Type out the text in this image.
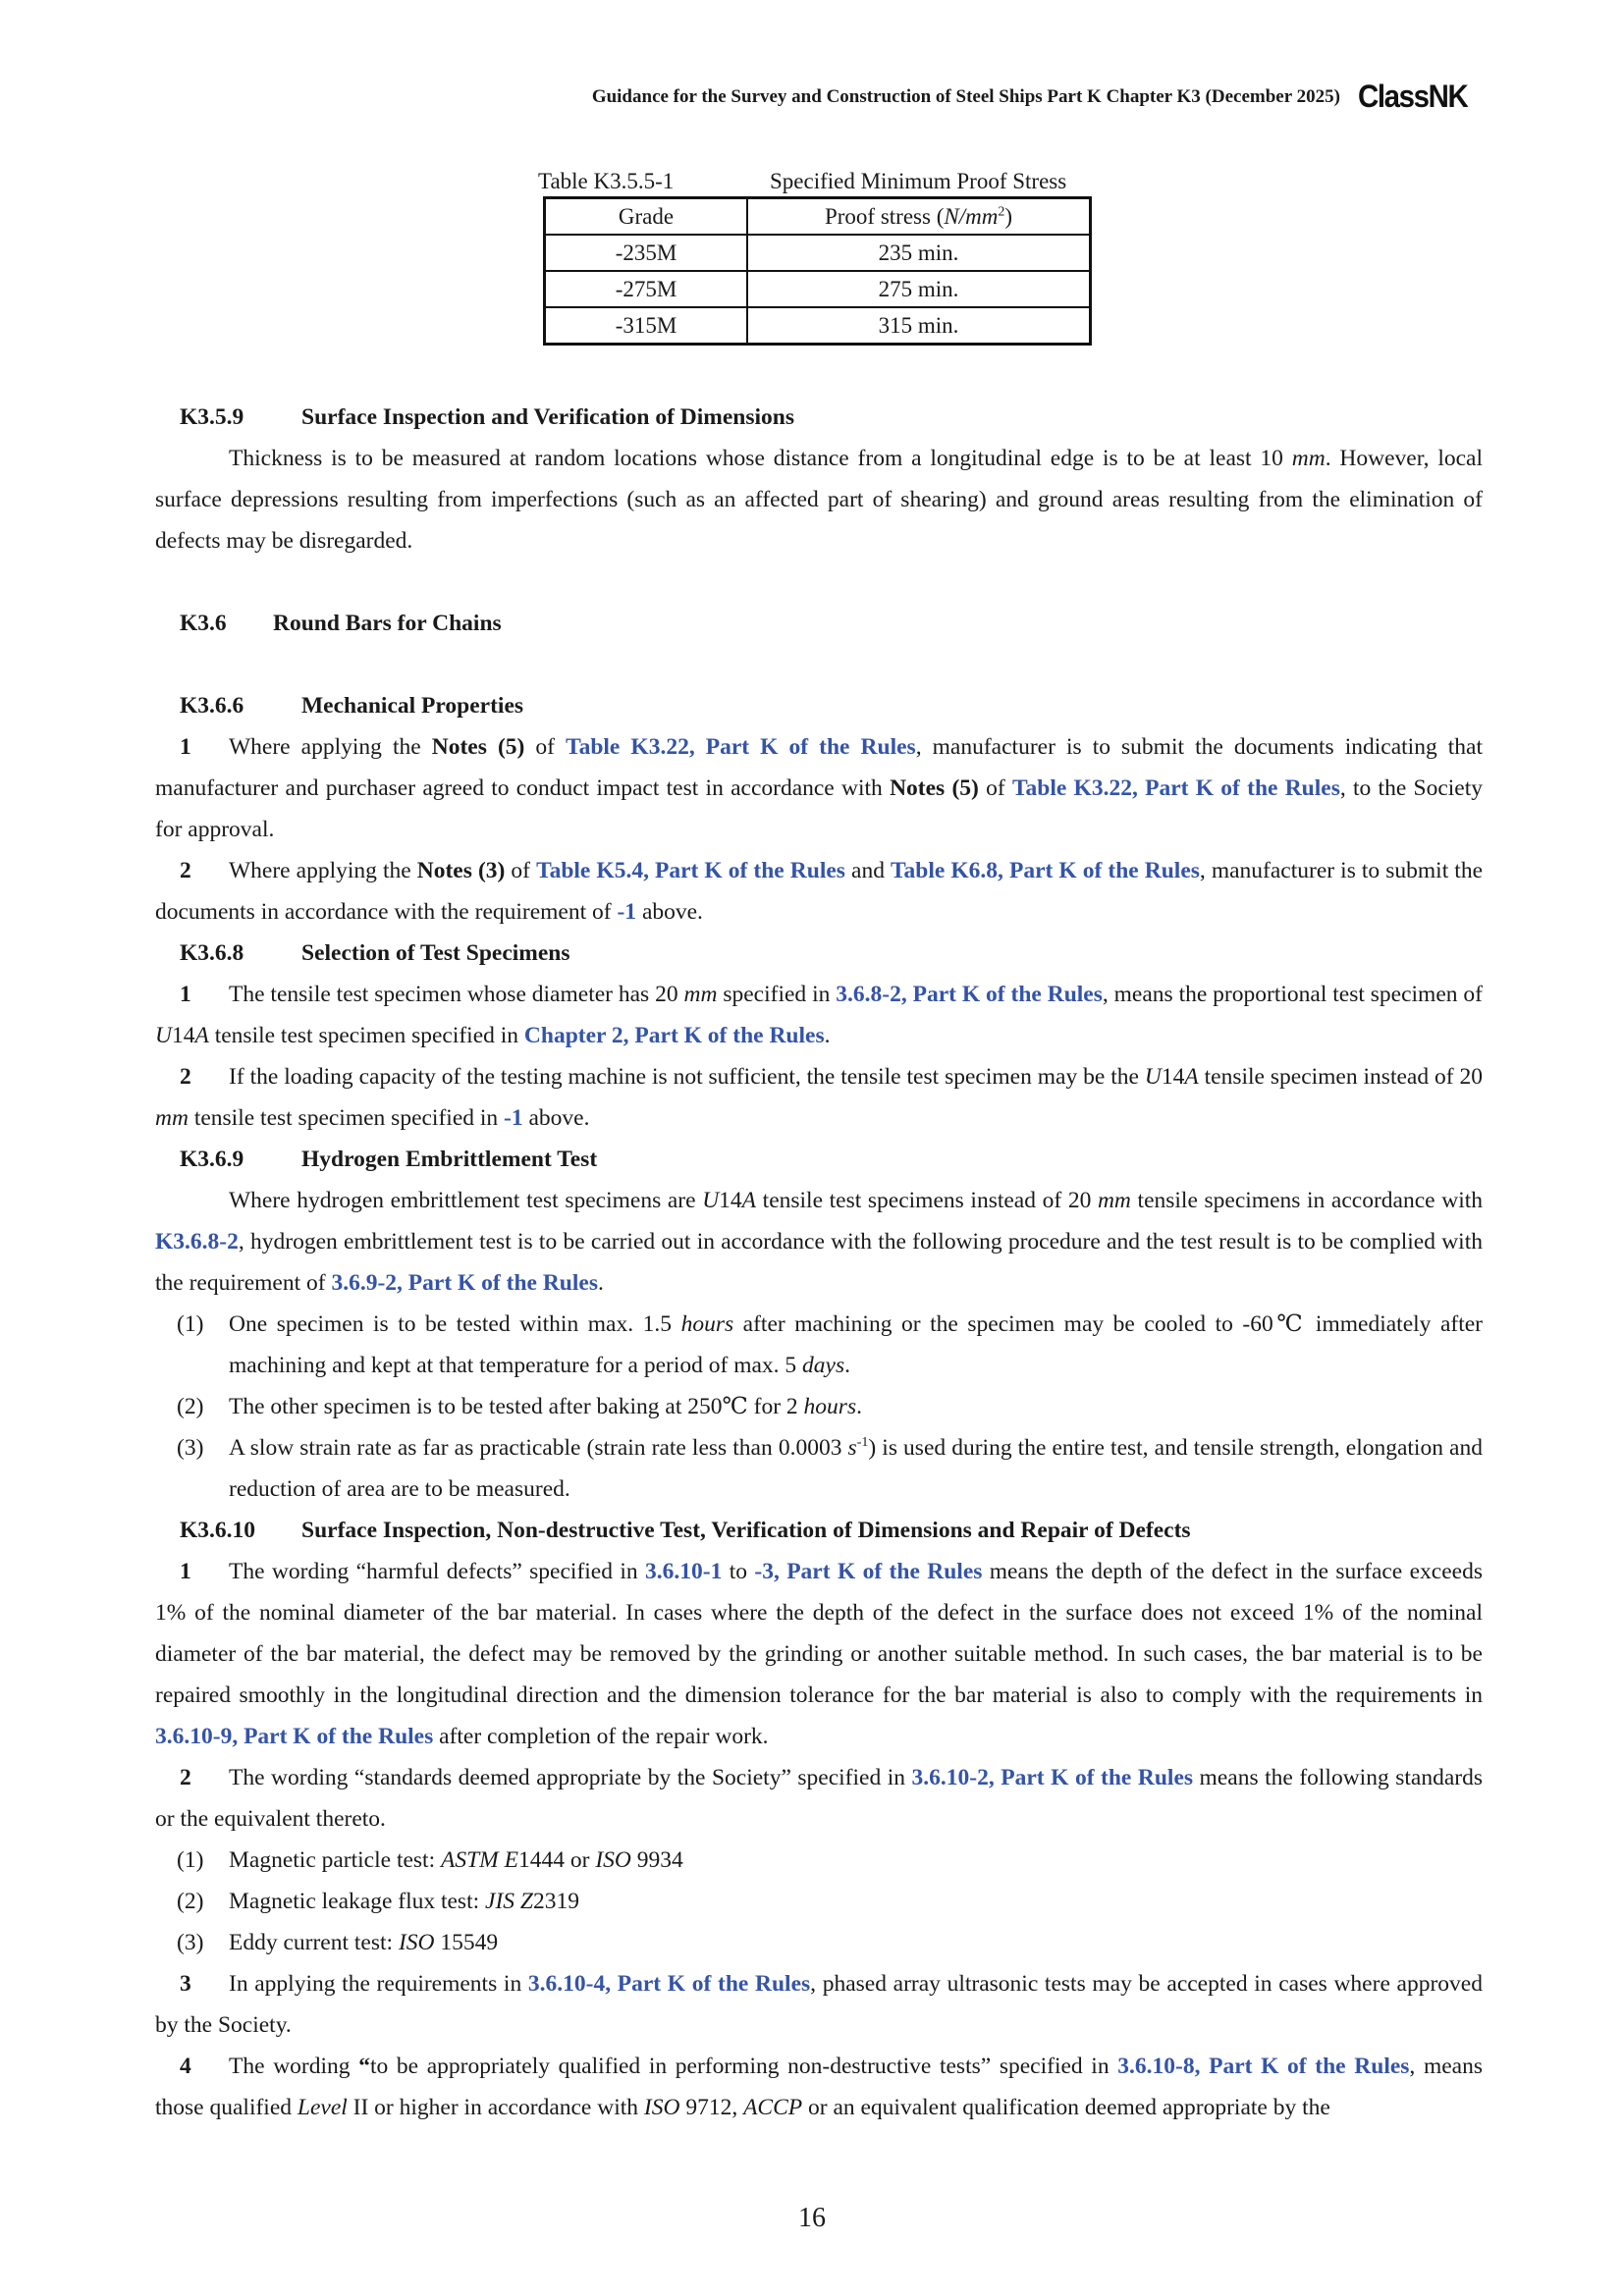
Guidance for the Survey and Construction of Steel Ships Part K Chapter K3 (December 2025) ClassNK
Table K3.5.5-1	Specified Minimum Proof Stress
Grade	Proof stress $(N/mm^2)$
-235M	235 min.
-275M	275 min.
-315M	315 min.

K3.5.9 Surface Inspection and Verification of Dimensions

Thickness is to be measured at random locations whose distance from a longitudinal edge is to be at least 10 mm. However, local surface depressions resulting from imperfections (such as an affected part of shearing) and ground areas resulting from the elimination of defects may be disregarded.

K3.6 Round Bars for Chains

K3.6.6 Mechanical Properties

1 Where applying the Notes (5) of Table K3.22, Part K of the Rules, manufacturer is to submit the documents indicating that manufacturer and purchaser agreed to conduct impact test in accordance with Notes (5) of Table K3.22, Part K of the Rules, to the Society for approval.

2 Where applying the Notes (3) of Table K5.4, Part K of the Rules and Table K6.8, Part K of the Rules, manufacturer is to submit the documents in accordance with the requirement of -1 above.

K3.6.8 Selection of Test Specimens

1 The tensile test specimen whose diameter has 20 mm specified in 3.6.8-2, Part K of the Rules, means the proportional test specimen of U14A tensile test specimen specified in Chapter 2, Part K of the Rules.

2 If the loading capacity of the testing machine is not sufficient, the tensile test specimen may be the U14A tensile specimen instead of 20 mm tensile test specimen specified in -1 above.

K3.6.9 Hydrogen Embrittlement Test

Where hydrogen embrittlement test specimens are U14A tensile test specimens instead of 20 mm tensile specimens in accordance with K3.6.8-2, hydrogen embrittlement test is to be carried out in accordance with the following procedure and the test result is to be complied with the requirement of 3.6.9-2, Part K of the Rules.

(1)	One specimen is to be tested within max. 1.5 hours after machining or the specimen may be cooled to -60℃ immediately after machining and kept at that temperature for a period of max. 5 days.
(2)	The other specimen is to be tested after baking at 250℃ for 2 hours.
(3)	A slow strain rate as far as practicable (strain rate less than 0.0003 $s^{-1}$) is used during the entire test, and tensile strength, elongation and reduction of area are to be measured.

K3.6.10 Surface Inspection, Non-destructive Test, Verification of Dimensions and Repair of Defects

1 The wording “harmful defects” specified in 3.6.10-1 to -3, Part K of the Rules means the depth of the defect in the surface exceeds 1% of the nominal diameter of the bar material. In cases where the depth of the defect in the surface does not exceed 1% of the nominal diameter of the bar material, the defect may be removed by the grinding or another suitable method. In such cases, the bar material is to be repaired smoothly in the longitudinal direction and the dimension tolerance for the bar material is also to comply with the requirements in 3.6.10-9, Part K of the Rules after completion of the repair work.

2 The wording “standards deemed appropriate by the Society” specified in 3.6.10-2, Part K of the Rules means the following standards or the equivalent thereto.

(1)	Magnetic particle test: ASTM E1444 or ISO 9934
(2)	Magnetic leakage flux test: JIS Z2319
(3)	Eddy current test: ISO 15549

3 In applying the requirements in 3.6.10-4, Part K of the Rules, phased array ultrasonic tests may be accepted in cases where approved by the Society.

4 The wording “to be appropriately qualified in performing non-destructive tests” specified in 3.6.10-8, Part K of the Rules, means those qualified Level II or higher in accordance with ISO 9712, ACCP or an equivalent qualification deemed appropriate by the

16
